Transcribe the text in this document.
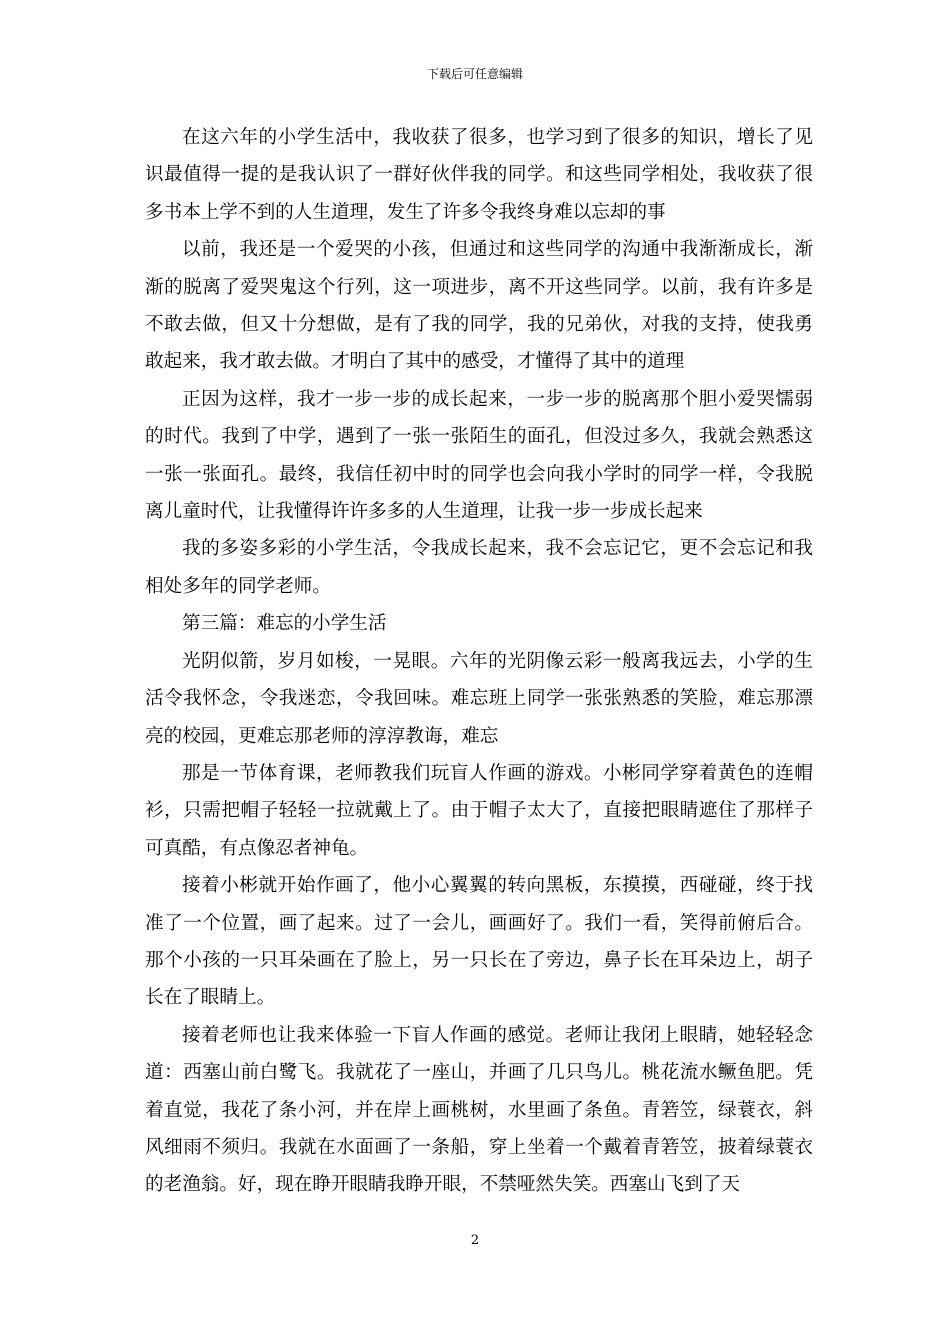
下载后可任意编辑

在这六年的小学生活中，我收获了很多，也学习到了很多的知识，增长了见识最值得一提的是我认识了一群好伙伴我的同学。和这些同学相处，我收获了很多书本上学不到的人生道理，发生了许多令我终身难以忘却的事

以前，我还是一个爱哭的小孩，但通过和这些同学的沟通中我渐渐成长，渐渐的脱离了爱哭鬼这个行列，这一项进步，离不开这些同学。以前，我有许多是不敢去做，但又十分想做，是有了我的同学，我的兄弟伙，对我的支持，使我勇敢起来，我才敢去做。才明白了其中的感受，才懂得了其中的道理

正因为这样，我才一步一步的成长起来，一步一步的脱离那个胆小爱哭懦弱的时代。我到了中学，遇到了一张一张陌生的面孔，但没过多久，我就会熟悉这一张一张面孔。最终，我信任初中时的同学也会向我小学时的同学一样，令我脱离儿童时代，让我懂得许许多多的人生道理，让我一步一步成长起来

我的多姿多彩的小学生活，令我成长起来，我不会忘记它，更不会忘记和我相处多年的同学老师。

第三篇：难忘的小学生活

光阴似箭，岁月如梭，一晃眼。六年的光阴像云彩一般离我远去，小学的生活令我怀念，令我迷恋，令我回味。难忘班上同学一张张熟悉的笑脸，难忘那漂亮的校园，更难忘那老师的淳淳教诲，难忘

那是一节体育课，老师教我们玩盲人作画的游戏。小彬同学穿着黄色的连帽衫，只需把帽子轻轻一拉就戴上了。由于帽子太大了，直接把眼睛遮住了那样子可真酷，有点像忍者神龟。

接着小彬就开始作画了，他小心翼翼的转向黑板，东摸摸，西碰碰，终于找准了一个位置，画了起来。过了一会儿，画画好了。我们一看，笑得前俯后合。那个小孩的一只耳朵画在了脸上，另一只长在了旁边，鼻子长在耳朵边上，胡子长在了眼睛上。

接着老师也让我来体验一下盲人作画的感觉。老师让我闭上眼睛，她轻轻念道：西塞山前白鹭飞。我就花了一座山，并画了几只鸟儿。桃花流水鳜鱼肥。凭着直觉，我花了条小河，并在岸上画桃树，水里画了条鱼。青箬笠，绿蓑衣，斜风细雨不须归。我就在水面画了一条船，穿上坐着一个戴着青箬笠，披着绿蓑衣的老渔翁。好，现在睁开眼睛我睁开眼，不禁哑然失笑。西塞山飞到了天

2
